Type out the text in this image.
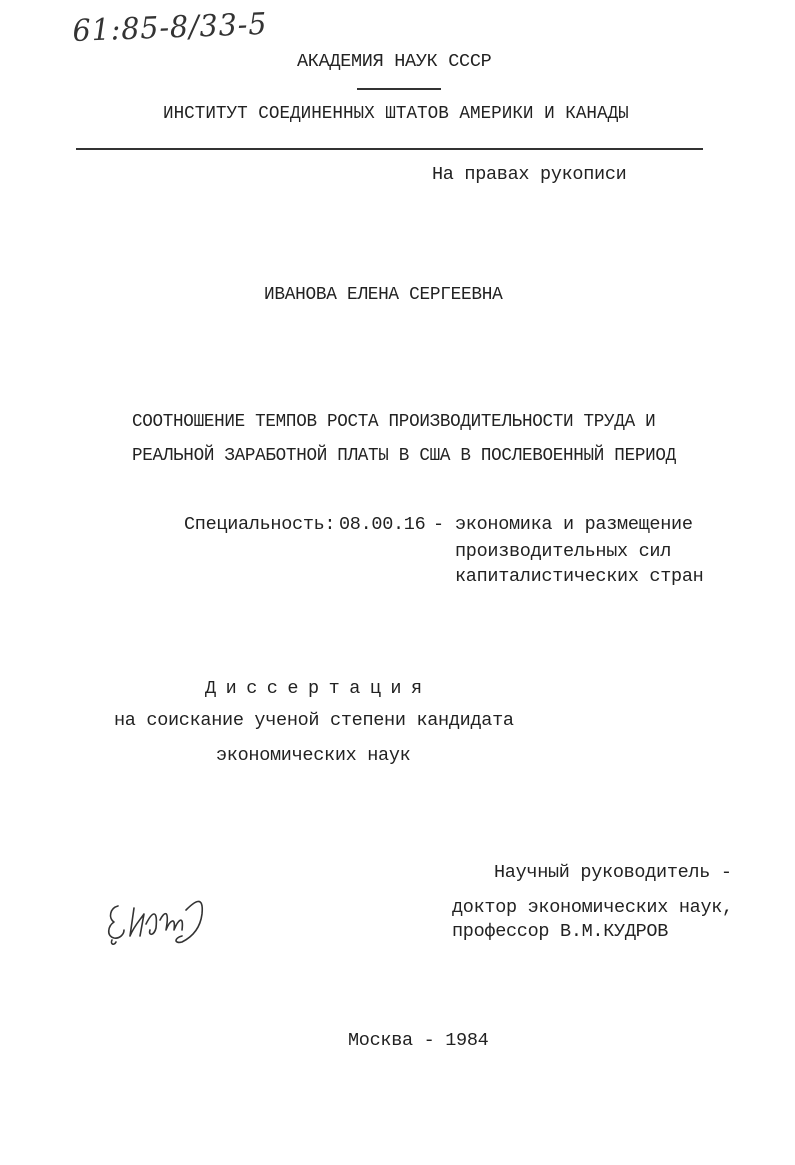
61:85-8/33-5
АКАДЕМИЯ НАУК СССР
ИНСТИТУТ СОЕДИНЕННЫХ ШТАТОВ АМЕРИКИ И КАНАДЫ
На правах рукописи
ИВАНОВА ЕЛЕНА СЕРГЕЕВНА
СООТНОШЕНИЕ ТЕМПОВ РОСТА ПРОИЗВОДИТЕЛЬНОСТИ ТРУДА И
РЕАЛЬНОЙ ЗАРАБОТНОЙ ПЛАТЫ В США В ПОСЛЕВОЕННЫЙ ПЕРИОД
Специальность: 08.00.16 - экономика и размещение
производительных сил
капиталистических стран
Диссертация
на соискание ученой степени кандидата
экономических наук
Научный руководитель -
доктор экономических наук,
профессор В.М.КУДРОВ
Москва - 1984
